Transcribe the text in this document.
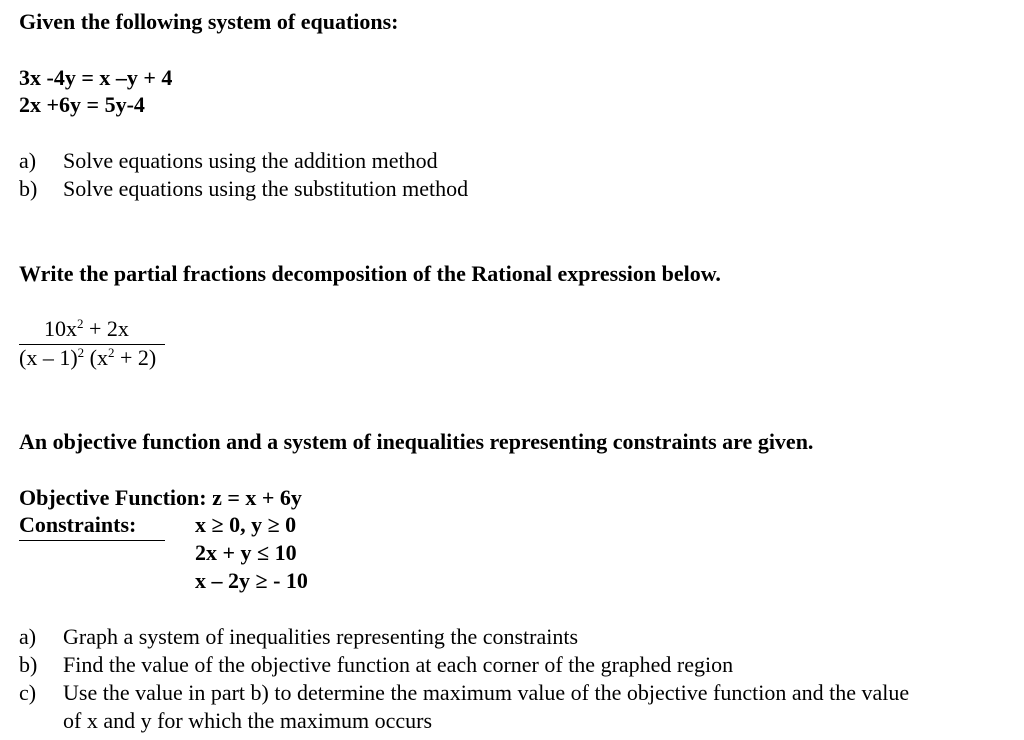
Given the following system of equations:
3x -4y = x –y + 4
2x +6y = 5y-4
a) Solve equations using the addition method
b) Solve equations using the substitution method
Write the partial fractions decomposition of the Rational expression below.
$10x^2 + 2x$
(x – 1)$^2$ $(x^2 + 2)$
An objective function and a system of inequalities representing constraints are given.
Objective Function: z = x + 6y
Constraints:	x ≥ 0, y ≥ 0
2x + y ≤ 10
x – 2y ≥ - 10
a) Graph a system of inequalities representing the constraints
b) Find the value of the objective function at each corner of the graphed region
c) Use the value in part b) to determine the maximum value of the objective function and the value
of x and y for which the maximum occurs
